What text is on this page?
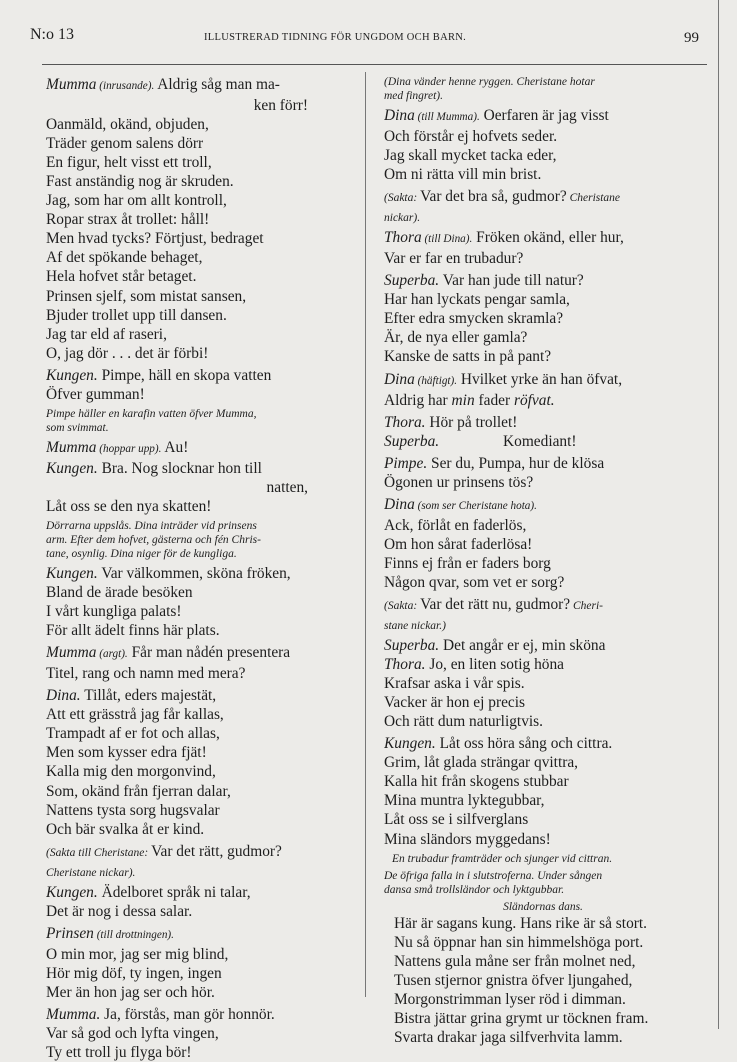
N:o 13	ILLUSTRERAD TIDNING FÖR UNGDOM OCH BARN.	99
Mumma (inrusande). Aldrig såg man ma-
ken förr!
Oanmäld, okänd, objuden,
Träder genom salens dörr
En figur, helt visst ett troll,
Fast anständig nog är skruden.
Jag, som har om allt kontroll,
Ropar strax åt trollet: håll!
Men hvad tycks? Förtjust, bedraget
Af det spökande behaget,
Hela hofvet står betaget.
Prinsen sjelf, som mistat sansen,
Bjuder trollet upp till dansen.
Jag tar eld af raseri,
O, jag dör . . . det är förbi!
Kungen. Pimpe, häll en skopa vatten
Öfver gumman!
Pimpe häller en karafin vatten öfver Mumma,
som svimmat.
Mumma (hoppar upp). Au!
Kungen. Bra. Nog slocknar hon till
natten,
Låt oss se den nya skatten!
Dörrarna uppslås. Dina inträder vid prinsens
arm. Efter dem hofvet, gästerna och fén Chris-
tane, osynlig. Dina niger för de kungliga.
Kungen. Var välkommen, sköna fröken,
Bland de ärade besöken
I vårt kungliga palats!
För allt ädelt finns här plats.
Mumma (argt). Får man nådén presentera
Titel, rang och namn med mera?
Dina. Tillåt, eders majestät,
Att ett grässtrå jag får kallas,
Trampadt af er fot och allas,
Men som kysser edra fjät!
Kalla mig den morgonvind,
Som, okänd från fjerran dalar,
Nattens tysta sorg hugsvalar
Och bär svalka åt er kind.
(Sakta till Cheristane: Var det rätt, gudmor?
Cheristane nickar).
Kungen. Ädelboret språk ni talar,
Det är nog i dessa salar.
Prinsen (till drottningen).
O min mor, jag ser mig blind,
Hör mig döf, ty ingen, ingen
Mer än hon jag ser och hör.
Mumma. Ja, förstås, man gör honnör.
Var så god och lyfta vingen,
Ty ett troll ju flyga bör!
(Dina vänder henne ryggen. Cheristane hotar
med fingret).
Dina (till Mumma). Oerfaren är jag visst
Och förstår ej hofvets seder.
Jag skall mycket tacka eder,
Om ni rätta vill min brist.
(Sakta: Var det bra så, gudmor? Cheristane
nickar).
Thora (till Dina). Fröken okänd, eller hur,
Var er far en trubadur?
Superba. Var han jude till natur?
Har han lyckats pengar samla,
Efter edra smycken skramla?
Är, de nya eller gamla?
Kanske de satts in på pant?
Dina (häftigt). Hvilket yrke än han öfvat,
Aldrig har min fader röfvat.
Thora. Hör på trollet!
Superba.	Komediant!
Pimpe. Ser du, Pumpa, hur de klösa
Ögonen ur prinsens tös?
Dina (som ser Cheristane hota).
Ack, förlåt en faderlös,
Om hon sårat faderlösa!
Finns ej från er faders borg
Någon qvar, som vet er sorg?
(Sakta: Var det rätt nu, gudmor? Cheri-
stane nickar.)
Superba. Det angår er ej, min sköna
Thora. Jo, en liten sotig höna
Krafsar aska i vår spis.
Vacker är hon ej precis
Och rätt dum naturligtvis.
Kungen. Låt oss höra sång och cittra.
Grim, låt glada strängar qvittra,
Kalla hit från skogens stubbar
Mina muntra lyktegubbar,
Låt oss se i silfverglans
Mina sländors myggedans!
En trubadur framträder och sjunger vid cittran.
De öfriga falla in i slutstroferna. Under sången
dansa små trollsländor och lyktgubbar.
Sländornas dans.
Här är sagans kung. Hans rike är så stort.
Nu så öppnar han sin himmelshöga port.
Nattens gula måne ser från molnet ned,
Tusen stjernor gnistra öfver ljungahed,
Morgonstrimman lyser röd i dimman.
Bistra jättar grina grymt ur töcknen fram.
Svarta drakar jaga silfverhvita lamm.
